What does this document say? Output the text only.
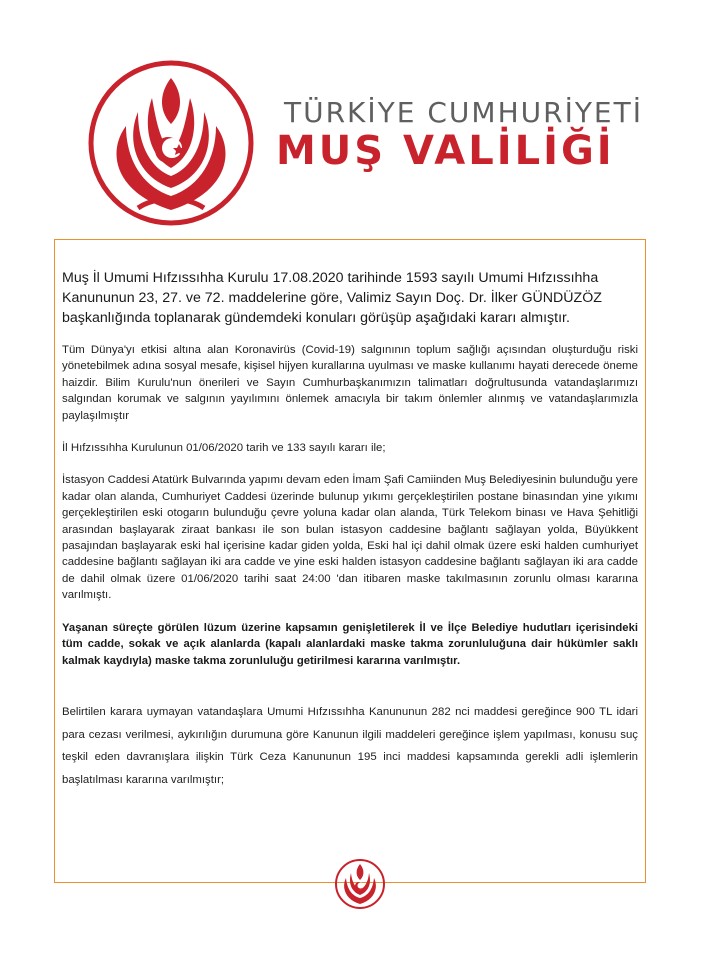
TÜRKİYE CUMHURİYETİ
MUŞ VALİLİĞİ

Muş İl Umumi Hıfzıssıhha Kurulu 17.08.2020 tarihinde 1593 sayılı Umumi Hıfzıssıhha Kanununun 23, 27. ve 72. maddelerine göre, Valimiz Sayın Doç. Dr. İlker GÜNDÜZÖZ başkanlığında toplanarak gündemdeki konuları görüşüp aşağıdaki kararı almıştır.

Tüm Dünya'yı etkisi altına alan Koronavirüs (Covid-19) salgınının toplum sağlığı açısından oluşturduğu riski yönetebilmek adına sosyal mesafe, kişisel hijyen kurallarına uyulması ve maske kullanımı hayati derecede öneme haizdir. Bilim Kurulu'nun önerileri ve Sayın Cumhurbaşkanımızın talimatları doğrultusunda vatandaşlarımızı salgından korumak ve salgının yayılımını önlemek amacıyla bir takım önlemler alınmış ve vatandaşlarımızla paylaşılmıştır

İl Hıfzıssıhha Kurulunun 01/06/2020 tarih ve 133 sayılı kararı ile;

İstasyon Caddesi Atatürk Bulvarında yapımı devam eden İmam Şafi Camiinden Muş Belediyesinin bulunduğu yere kadar olan alanda, Cumhuriyet Caddesi üzerinde bulunup yıkımı gerçekleştirilen postane binasından yine yıkımı gerçekleştirilen eski otogarın bulunduğu çevre yoluna kadar olan alanda, Türk Telekom binası ve Hava Şehitliği arasından başlayarak ziraat bankası ile son bulan istasyon caddesine bağlantı sağlayan yolda, Büyükkent pasajından başlayarak eski hal içerisine kadar giden yolda, Eski hal içi dahil olmak üzere eski halden cumhuriyet caddesine bağlantı sağlayan iki ara cadde ve yine eski halden istasyon caddesine bağlantı sağlayan iki ara cadde de dahil olmak üzere 01/06/2020 tarihi saat 24:00 'dan itibaren maske takılmasının zorunlu olması kararına varılmıştı.

Yaşanan süreçte görülen lüzum üzerine kapsamın genişletilerek İl ve İlçe Belediye hudutları içerisindeki tüm cadde, sokak ve açık alanlarda (kapalı alanlardaki maske takma zorunluluğuna dair hükümler saklı kalmak kaydıyla) maske takma zorunluluğu getirilmesi kararına varılmıştır.

Belirtilen karara uymayan vatandaşlara Umumi Hıfzıssıhha Kanununun 282 nci maddesi gereğince 900 TL idari para cezası verilmesi, aykırılığın durumuna göre Kanunun ilgili maddeleri gereğince işlem yapılması, konusu suç teşkil eden davranışlara ilişkin Türk Ceza Kanununun 195 inci maddesi kapsamında gerekli adli işlemlerin başlatılması kararına varılmıştır;
